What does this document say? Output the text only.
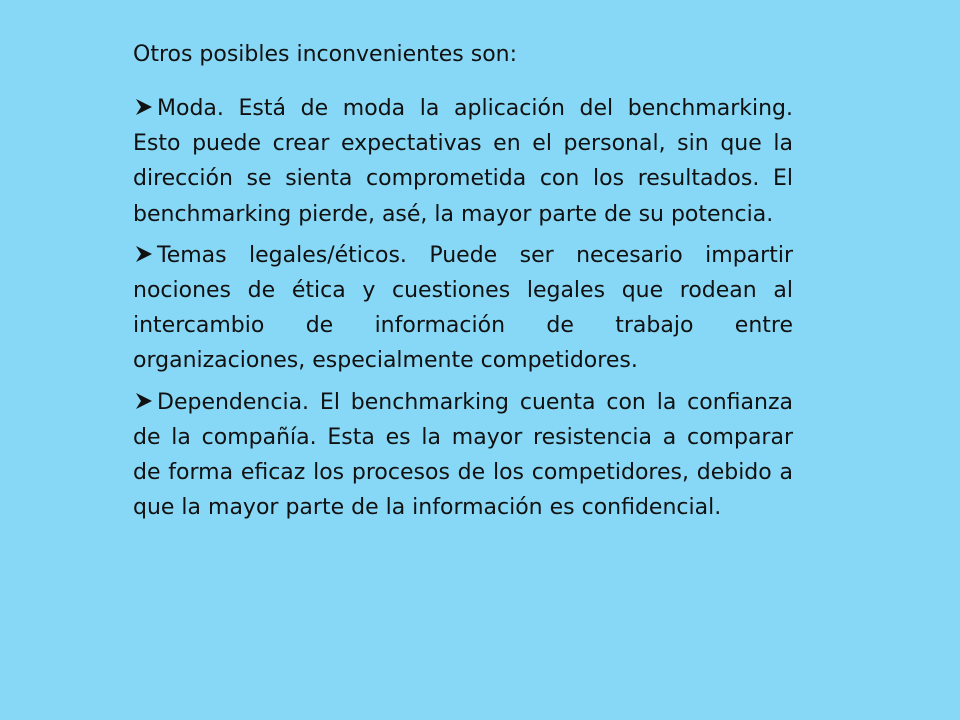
Otros posibles inconvenientes son:

Moda. Está de moda la aplicación del benchmarking. Esto puede crear expectativas en el personal, sin que la dirección se sienta comprometida con los resultados. El benchmarking pierde, asé, la mayor parte de su potencia.

Temas legales/éticos. Puede ser necesario impartir nociones de ética y cuestiones legales que rodean al intercambio de información de trabajo entre organizaciones, especialmente competidores.

Dependencia. El benchmarking cuenta con la confianza de la compañía. Esta es la mayor resistencia a comparar de forma eficaz los procesos de los competidores, debido a que la mayor parte de la información es confidencial.
